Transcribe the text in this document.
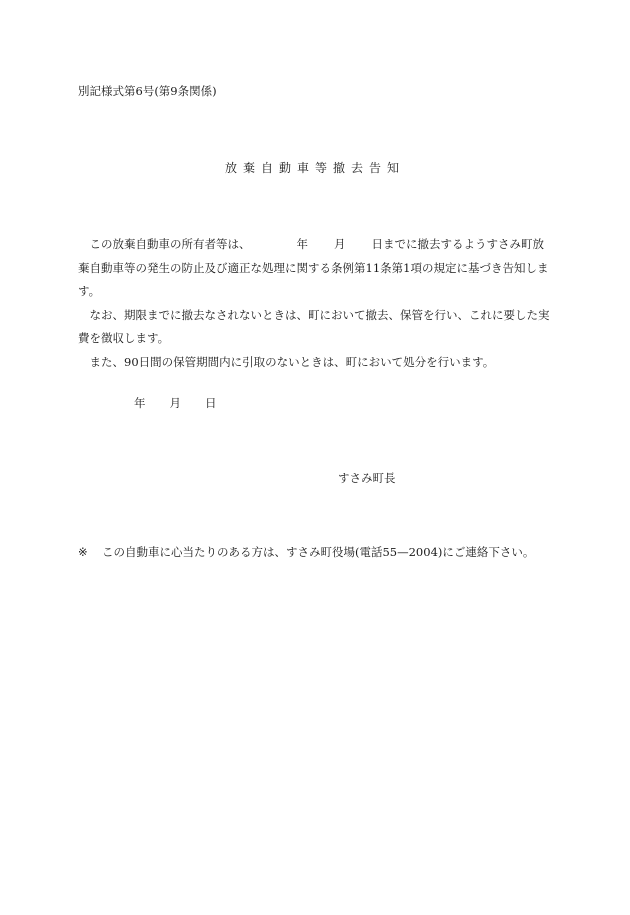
別記様式第6号(第9条関係)
放棄自動車等撤去告知

　この放棄自動車の所有者等は、	年 月 日までに撤去するようすさみ町放棄自動車等の発生の防止及び適正な処理に関する条例第11条第1項の規定に基づき告知します。

　なお、期限までに撤去なされないときは、町において撤去、保管を行い、これに要した実費を徴収します。

　また、90日間の保管期間内に引取のないときは、町において処分を行います。

年 月 日
すさみ町長
※ この自動車に心当たりのある方は、すさみ町役場(電話55—2004)にご連絡下さい。
